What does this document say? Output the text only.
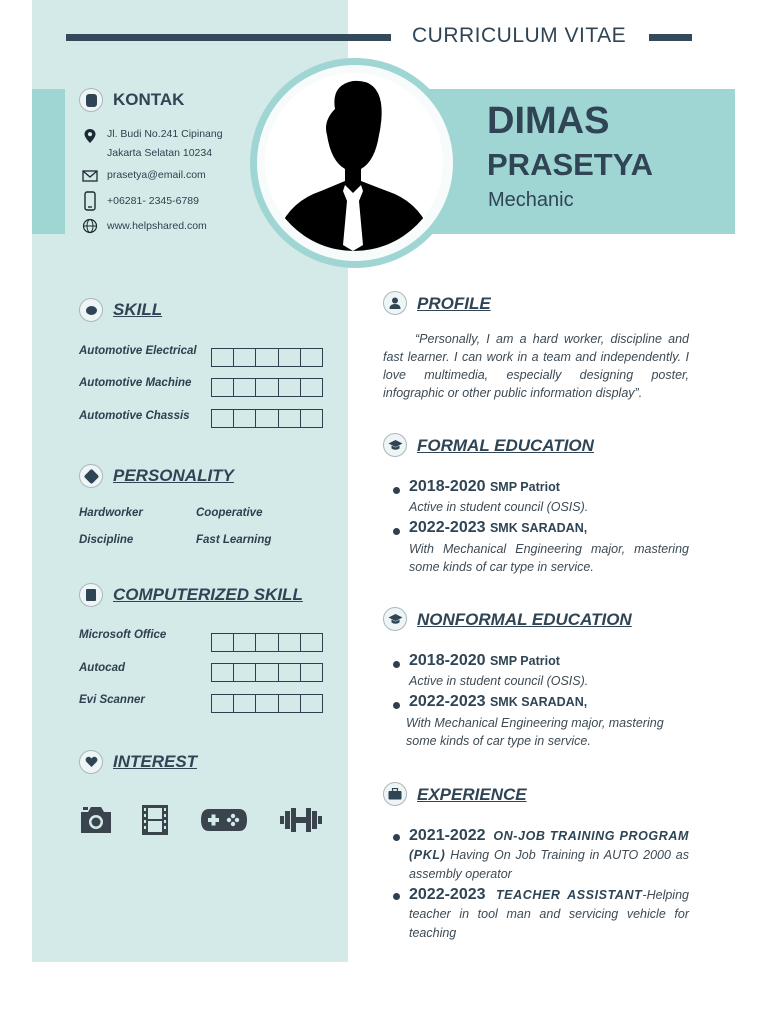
CURRICULUM VITAE
DIMAS
PRASETYA
Mechanic
KONTAK
Jl. Budi No.241 Cipinang
Jakarta Selatan 10234
prasetya@email.com
+06281- 2345-6789
www.helpshared.com
SKILL
Automotive Electrical
Automotive Machine
Automotive Chassis
PERSONALITY
Hardworker	Cooperative
Discipline	Fast Learning
COMPUTERIZED SKILL
Microsoft Office
Autocad
Evi Scanner
INTEREST
PROFILE
“Personally, I am a hard worker, discipline and fast learner. I can work in a team and independently. I love multimedia, especially designing poster, infographic or other public information display”.
FORMAL EDUCATION
2018-2020 SMP Patriot
Active in student council (OSIS).
2022-2023 SMK SARADAN,
With Mechanical Engineering major, mastering some kinds of car type in service.
NONFORMAL EDUCATION
2018-2020 SMP Patriot
Active in student council (OSIS).
2022-2023 SMK SARADAN,
With Mechanical Engineering major, mastering some kinds of car type in service.
EXPERIENCE
2021-2022 ON-JOB TRAINING PROGRAM (PKL) Having On Job Training in AUTO 2000 as assembly operator
2022-2023 TEACHER ASSISTANT-Helping teacher in tool man and servicing vehicle for teaching
